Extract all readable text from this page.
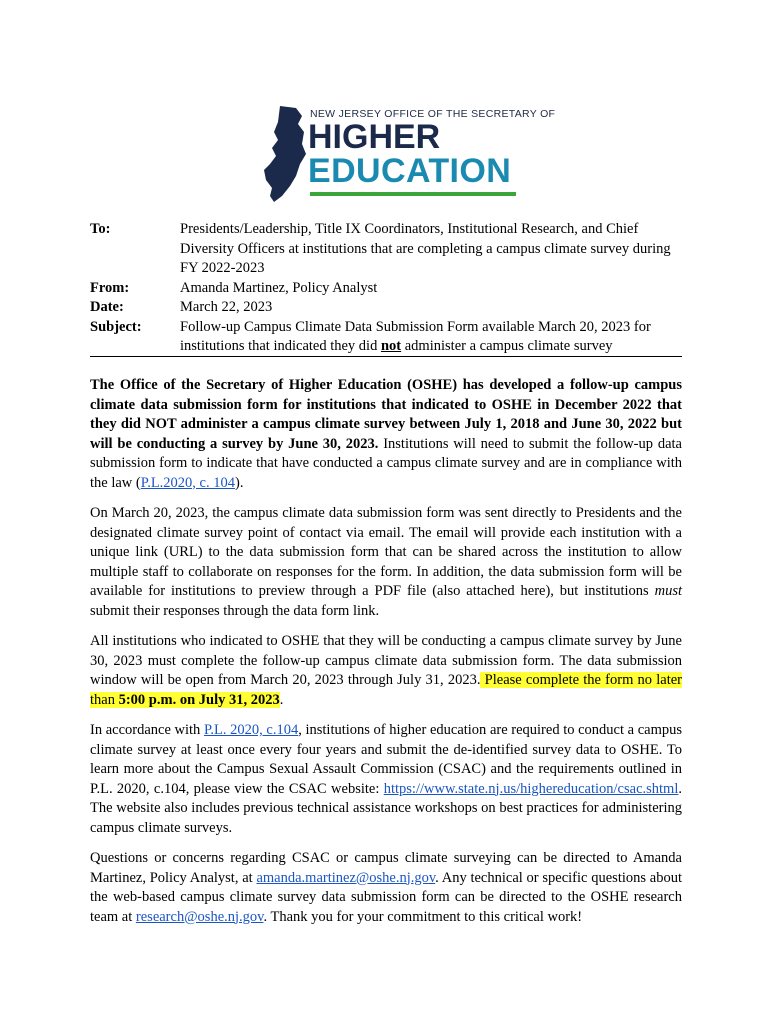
NEW JERSEY OFFICE OF THE SECRETARY OF
HIGHER
EDUCATION
To:	Presidents/Leadership, Title IX Coordinators, Institutional Research, and Chief Diversity Officers at institutions that are completing a campus climate survey during FY 2022-2023
From:	Amanda Martinez, Policy Analyst
Date:	March 22, 2023
Subject:	Follow-up Campus Climate Data Submission Form available March 20, 2023 for institutions that indicated they did not administer a campus climate survey

The Office of the Secretary of Higher Education (OSHE) has developed a follow-up campus climate data submission form for institutions that indicated to OSHE in December 2022 that they did NOT administer a campus climate survey between July 1, 2018 and June 30, 2022 but will be conducting a survey by June 30, 2023. Institutions will need to submit the follow-up data submission form to indicate that have conducted a campus climate survey and are in compliance with the law (P.L.2020, c. 104).

On March 20, 2023, the campus climate data submission form was sent directly to Presidents and the designated climate survey point of contact via email. The email will provide each institution with a unique link (URL) to the data submission form that can be shared across the institution to allow multiple staff to collaborate on responses for the form. In addition, the data submission form will be available for institutions to preview through a PDF file (also attached here), but institutions must submit their responses through the data form link.

All institutions who indicated to OSHE that they will be conducting a campus climate survey by June 30, 2023 must complete the follow-up campus climate data submission form. The data submission window will be open from March 20, 2023 through July 31, 2023. Please complete the form no later than 5:00 p.m. on July 31, 2023.

In accordance with P.L. 2020, c.104, institutions of higher education are required to conduct a campus climate survey at least once every four years and submit the de-identified survey data to OSHE. To learn more about the Campus Sexual Assault Commission (CSAC) and the requirements outlined in P.L. 2020, c.104, please view the CSAC website: https://www.state.nj.us/highereducation/csac.shtml. The website also includes previous technical assistance workshops on best practices for administering campus climate surveys.

Questions or concerns regarding CSAC or campus climate surveying can be directed to Amanda Martinez, Policy Analyst, at amanda.martinez@oshe.nj.gov. Any technical or specific questions about the web-based campus climate survey data submission form can be directed to the OSHE research team at research@oshe.nj.gov. Thank you for your commitment to this critical work!
